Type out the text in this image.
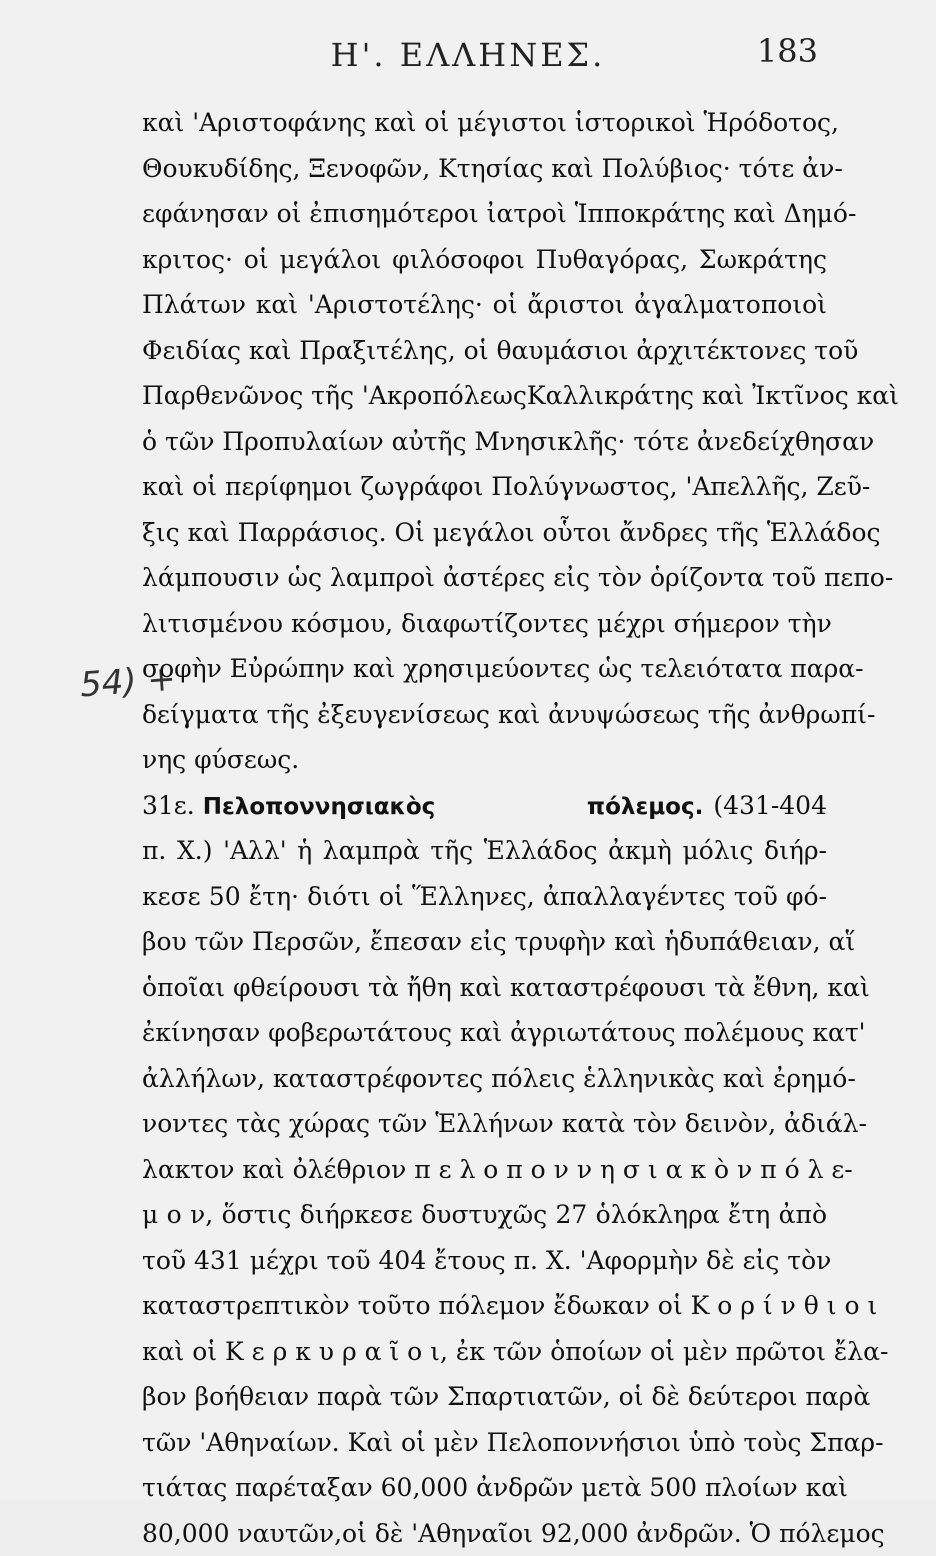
Η'. ΕΛΛΗΝΕΣ.	183
54) +
καὶ 'Αριστοφάνης καὶ οἱ μέγιστοι ἱστορικοὶ Ἡρόδοτος,
Θουκυδίδης, Ξενοφῶν, Κτησίας καὶ Πολύβιος· τότε ἀν-
εφάνησαν οἱ ἐπισημότεροι ἰατροὶ Ἱπποκράτης καὶ Δημό-
κριτος· οἱ μεγάλοι φιλόσοφοι Πυθαγόρας, Σωκράτης
Πλάτων καὶ 'Αριστοτέλης· οἱ ἄριστοι ἀγαλματοποιοὶ
Φειδίας καὶ Πραξιτέλης, οἱ θαυμάσιοι ἀρχιτέκτονες τοῦ
Παρθενῶνος τῆς 'ΑκροπόλεωςΚαλλικράτης καὶ Ἰκτῖνος καὶ
ὁ τῶν Προπυλαίων αὐτῆς Μνησικλῆς· τότε ἀνεδείχθησαν
καὶ οἱ περίφημοι ζωγράφοι Πολύγνωστος, 'Απελλῆς, Ζεῦ-
ξις καὶ Παρράσιος. Οἱ μεγάλοι οὗτοι ἄνδρες τῆς Ἑλλάδος
λάμπουσιν ὡς λαμπροὶ ἀστέρες εἰς τὸν ὁρίζοντα τοῦ πεπο-
λιτισμένου κόσμου, διαφωτίζοντες μέχρι σήμερον τὴν
σοφὴν Εὐρώπην καὶ χρησιμεύοντες ὡς τελειότατα παρα-
δείγματα τῆς ἐξευγενίσεως καὶ ἀνυψώσεως τῆς ἀνθρωπί-
νης φύσεως.
31ε. Πελοποννησιακὸς πόλεμος. (431-404
π. Χ.) 'Αλλ' ἡ λαμπρὰ τῆς Ἑλλάδος ἀκμὴ μόλις διήρ-
κεσε 50 ἔτη· διότι οἱ Ἕλληνες, ἀπαλλαγέντες τοῦ φό-
βου τῶν Περσῶν, ἔπεσαν εἰς τρυφὴν καὶ ἡδυπάθειαν, αἵ
ὁποῖαι φθείρουσι τὰ ἤθη καὶ καταστρέφουσι τὰ ἔθνη, καὶ
ἐκίνησαν φοβερωτάτους καὶ ἀγριωτάτους πολέμους κατ'
ἀλλήλων, καταστρέφοντες πόλεις ἑλληνικὰς καὶ ἐρημό-
νοντες τὰς χώρας τῶν Ἑλλήνων κατὰ τὸν δεινὸν, ἀδιάλ-
λακτον καὶ ὀλέθριον π ε λ ο π ο ν ν η σ ι α κ ὸ ν π ό λ ε-
μ ο ν, ὅστις διήρκεσε δυστυχῶς 27 ὁλόκληρα ἔτη ἀπὸ
τοῦ 431 μέχρι τοῦ 404 ἔτους π. Χ. 'Αφορμὴν δὲ εἰς τὸν
καταστρεπτικὸν τοῦτο πόλεμον ἔδωκαν οἱ Κ ο ρ ί ν θ ι ο ι
καὶ οἱ Κ ε ρ κ υ ρ α ῖ ο ι, ἐκ τῶν ὁποίων οἱ μὲν πρῶτοι ἔλα-
βον βοήθειαν παρὰ τῶν Σπαρτιατῶν, οἱ δὲ δεύτεροι παρὰ
τῶν 'Αθηναίων. Καὶ οἱ μὲν Πελοποννήσιοι ὑπὸ τοὺς Σπαρ-
τιάτας παρέταξαν 60,000 ἀνδρῶν μετὰ 500 πλοίων καὶ
80,000 ναυτῶν,οἱ δὲ 'Αθηναῖοι 92,000 ἀνδρῶν. Ὁ πόλεμος
